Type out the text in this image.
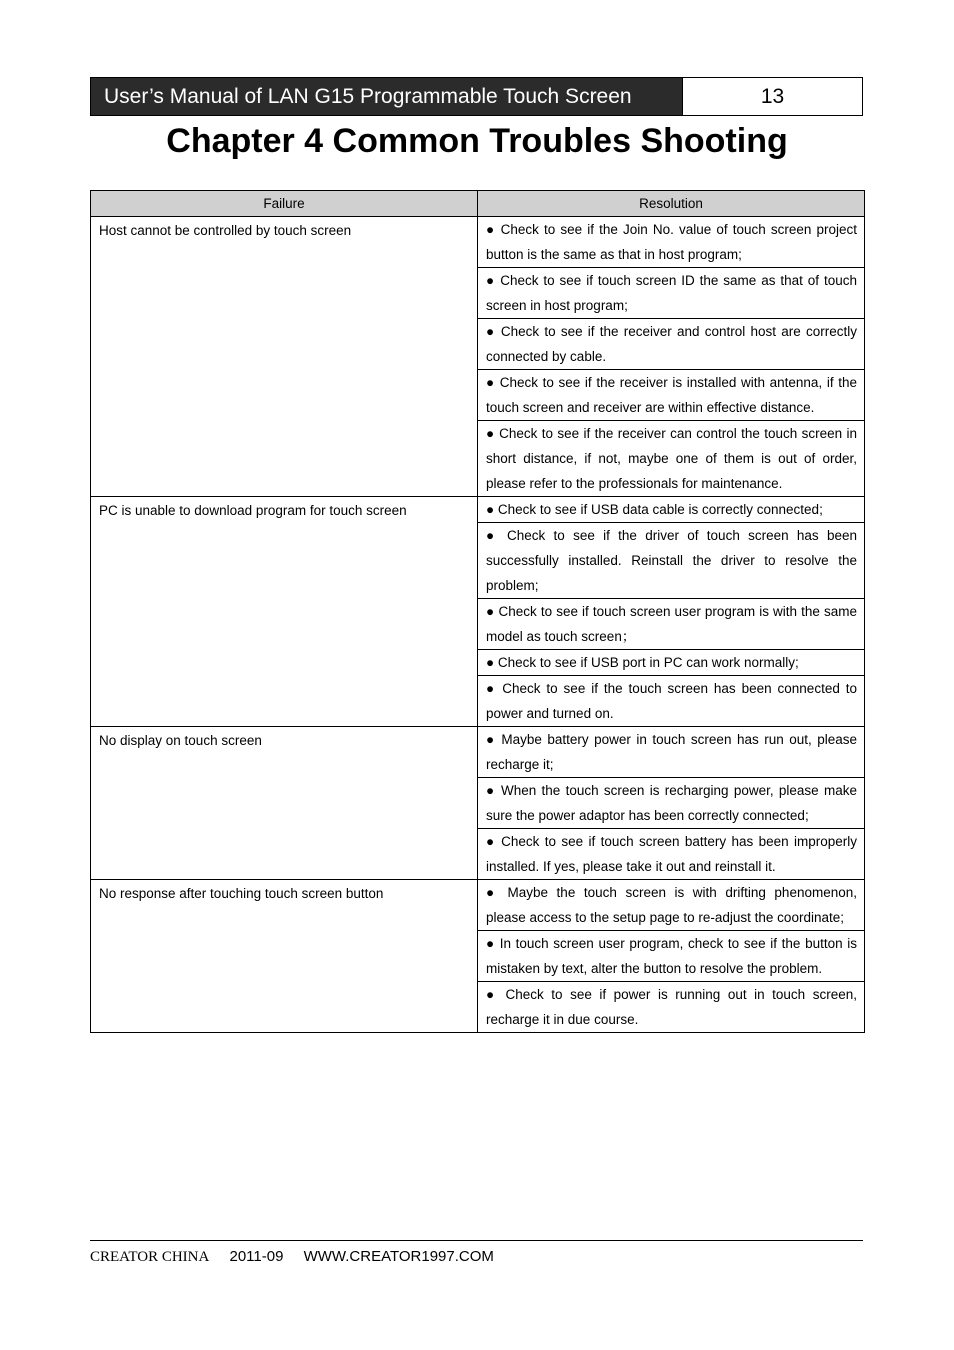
User’s Manual of LAN G15 Programmable Touch Screen	13
Chapter 4 Common Troubles Shooting
Failure	Resolution
Host cannot be controlled by touch screen	● Check to see if the Join No. value of touch screen project button is the same as that in host program;
	● Check to see if touch screen ID the same as that of touch screen in host program;
	● Check to see if the receiver and control host are correctly connected by cable.
	● Check to see if the receiver is installed with antenna, if the touch screen and receiver are within effective distance.
	● Check to see if the receiver can control the touch screen in short distance, if not, maybe one of them is out of order, please refer to the professionals for maintenance.
PC is unable to download program for touch screen	● Check to see if USB data cable is correctly connected;
	● Check to see if the driver of touch screen has been successfully installed. Reinstall the driver to resolve the problem;
	● Check to see if touch screen user program is with the same model as touch screen；
	● Check to see if USB port in PC can work normally;
	● Check to see if the touch screen has been connected to power and turned on.
No display on touch screen	● Maybe battery power in touch screen has run out, please recharge it;
	● When the touch screen is recharging power, please make sure the power adaptor has been correctly connected;
	● Check to see if touch screen battery has been improperly installed. If yes, please take it out and reinstall it.
No response after touching touch screen button	● Maybe the touch screen is with drifting phenomenon, please access to the setup page to re-adjust the coordinate;
	● In touch screen user program, check to see if the button is mistaken by text, alter the button to resolve the problem.
	● Check to see if power is running out in touch screen, recharge it in due course.
CREATOR CHINA 2011-09 WWW.CREATOR1997.COM
